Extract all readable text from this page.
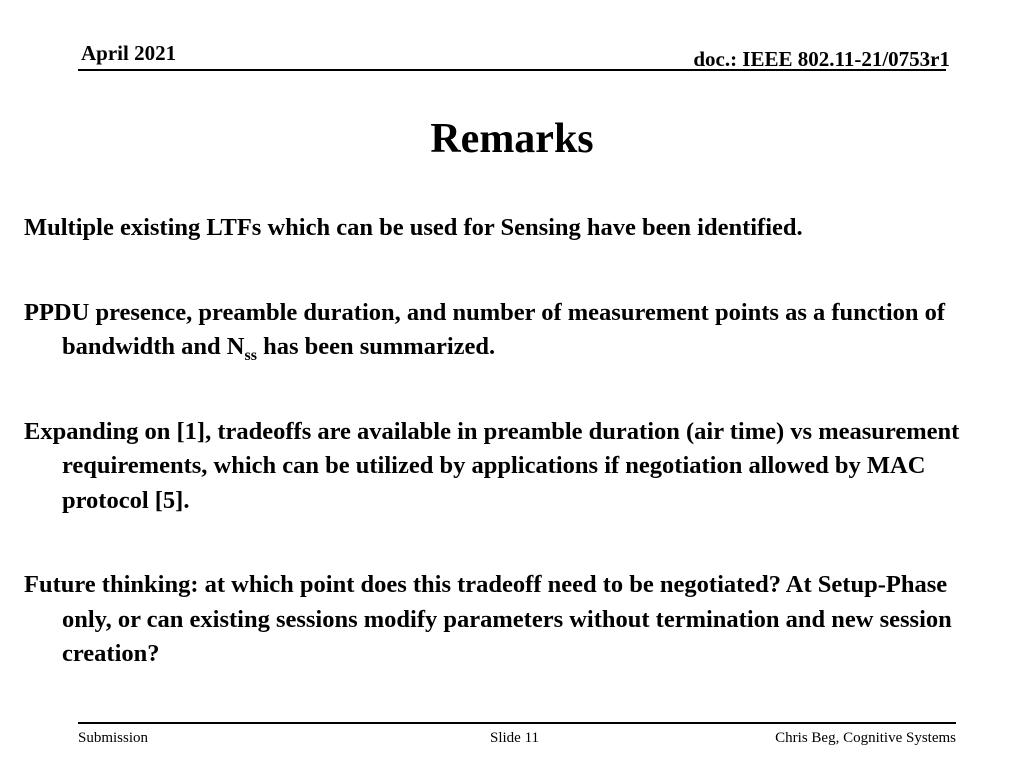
April 2021	doc.: IEEE 802.11-21/0753r1
Remarks

Multiple existing LTFs which can be used for Sensing have been identified.

PPDU presence, preamble duration, and number of measurement points as a function of bandwidth and $N_{ss}$ has been summarized.

Expanding on [1], tradeoffs are available in preamble duration (air time) vs measurement requirements, which can be utilized by applications if negotiation allowed by MAC protocol [5].

Future thinking: at which point does this tradeoff need to be negotiated? At Setup-Phase only, or can existing sessions modify parameters without termination and new session creation?

Submission	Slide 11	Chris Beg, Cognitive Systems
